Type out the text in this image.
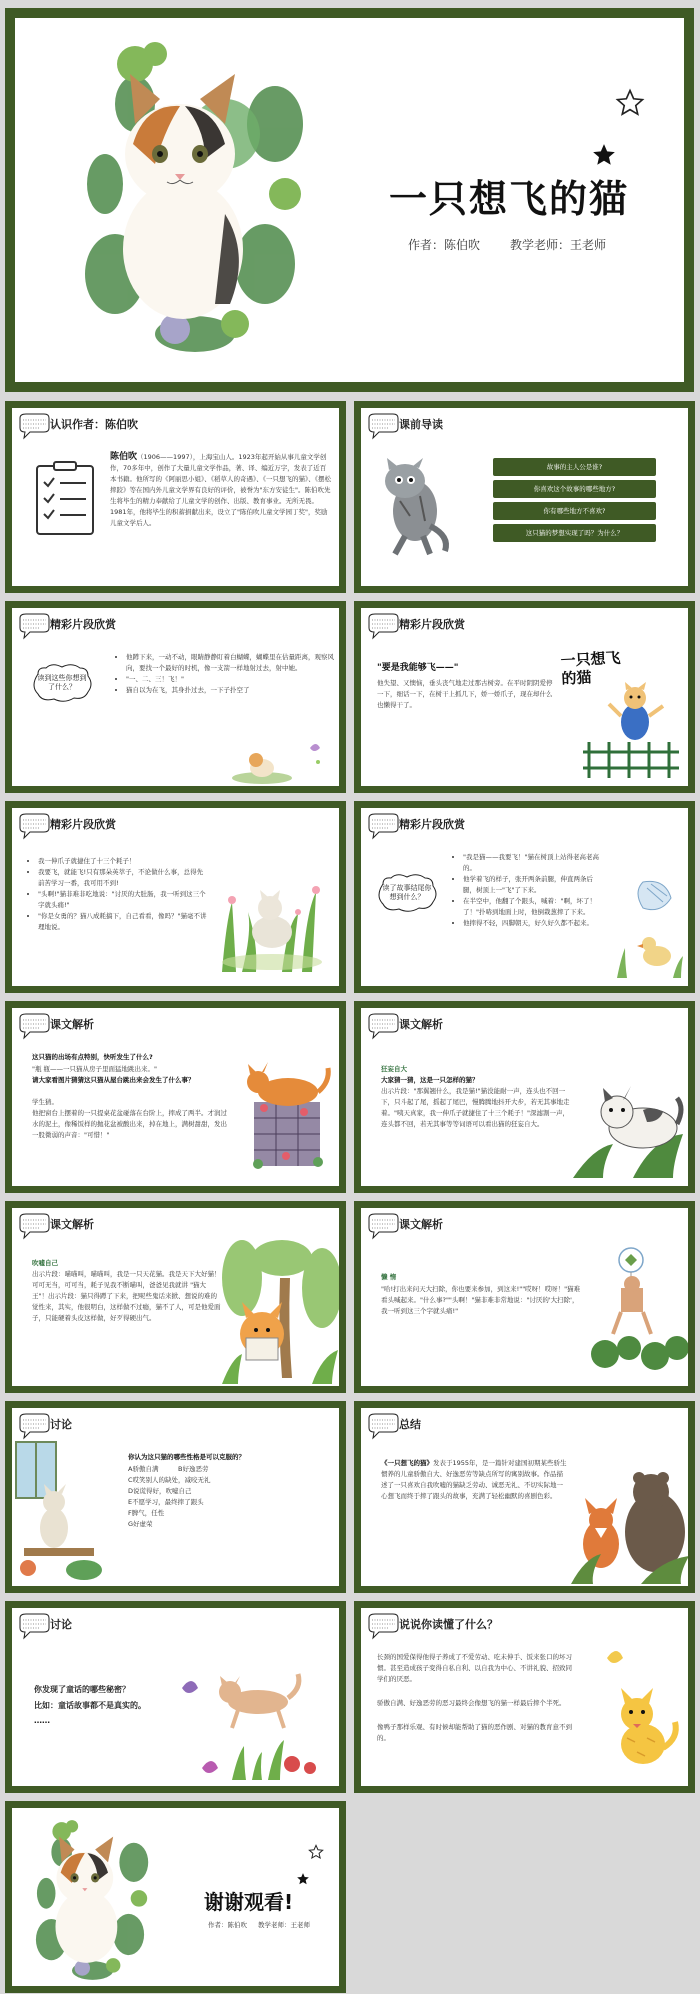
一只想飞的猫
作者：陈伯吹 教学老师：王老师
认识作者：陈伯吹
陈伯吹（1906——1997），上海宝山人。1923年起开始从事儿童文学创作，70多年中，创作了大量儿童文学作品，著、译、编近万字，发表了近百本书籍。他所写的《阿丽思小姐》、《稻草人的奇遇》、《一只想飞的猫》、《摆松摔跤》等在国内外儿童文学界有良好的评价，被誉为"东方安徒生"。陈伯吹先生将毕生的精力奉献给了儿童文学的创作、出版、教育事业。无所无畏。1981年，他将毕生的积蓄捐献出来，设立了"陈伯吹儿童文学园丁奖"，奖励儿童文学后人。
课前导读
故事的主人公是谁?
你喜欢这个故事的哪些地方?
你有哪些地方不喜欢?
这只猫的梦想实现了吗？为什么？
精彩片段欣赏
读到这些你想到了什么？
• 他蹲下来，一动不动，眼睛静静盯着白蝴蝶，蝴蝶里在估量距离，观察风向，要找一个最好的时机，像一支箭一样地射过去，射中她。
• "一、二、三！飞！"
• 猫自以为在飞，其身扑过去，一下子扑空了
精彩片段欣赏
"要是我能够飞——"
他失望、又懊恼，垂头丧气地走过那古树旁。在平时阴阴爱停一下，细话一下，在树干上抓几下，娇一娇爪子，现在却什么也懒得干了。
一只想飞的猫
精彩片段欣赏
• 我一伸爪子就捷住了十三个耗子！
• 我要飞，就能飞!只有那朵英萃子，不论做什么事，总得先前苦学习一番，我可用不到!
• "头啊!"猫非难非吃地说："讨厌的大肚肠，我一听到这三个字就头痛!"
• "你是女勇的？猫八成耗搞下，自己看看，像吗？"猫毫不讲理地说。
精彩片段欣赏
读了故事结尾你想到什么？
• "我是猫——我要飞！"猫在树顶上站得老高老高的。
• 他学着飞的样子，张开两条前腿，伸直两条后腿，树顶上一"飞"了下来。
• 在半空中，他翻了个跟头，喊着："啊，坏了！了！"扑哧到地面上时，他倒栽葱摔了下来。
• 他摔得不轻，四脚朝天，好久好久都不起来。
课文解析
这只猫的出场有点特别，快听发生了什么?
"瓶 瓶——一只猫从房子里面猛地跳出来。"
请大家看图片猜猜这只猫从屋台跳出来会发生了什么事？
学生猜。
他把窗台上摆着的一只提桌花盆碰落在台阶上，摔成了两半。才润过水的泥土，像稀饭样的抛花盆被酸出来，掉在地上，满树甜甜，发出一股微弱的声音："可惜！"
课文解析
狂妄自大
大家猜一猜，这是一只怎样的猫？
出示片段："那翼翘什么，我是猫!"猫没能耐一声，连头也不回一下，只斗起了尾，摇起了尾巴，慢腾腾地抖开大步，若无其事地走着。"咦天真家，我一伸爪子就捷住了十三个耗子！"深滤割一声，连头都不回，若无其事等等词语可以看出猫的狂妄自大。
课文解析
吹嘘自己
出示片段：喵喵叫，喵喵叫，我是一只天花猫。我是天下大好猫！可可无当，可可当，耗子见我不断喵叫，爸爸见我就讲 "猫大王"！出示片段：猫只得蹲了下来，把呢些鬼话来掀、想说的难的觉性来，其实，他很明白，这样做不过瘾，猫不了人，可是他爱面子，只能硬着头皮这样做，好歹得硬出气。
课文解析
懒 惰
"哈!打出来问天大扫除，你也要来参加，到这来!""哎呀！哎呀！"猫难看头喊起来。"什么事?""头啊！"猫非难非常地说："讨厌的'大扫除'，我一听到这三个字就头痛!"
讨论
你认为这只猫的哪些性格是可以克服的？
A骄傲自满	B好逸恶劳
C哎笑别人的缺处，减咬无礼
D说谎得好，吹嘘自己
E不愿学习，最终摔了跟头
F脾气，任性
G好虚荣
总结
《一只想飞的猫》发表于1955年，是一篇针对建国初期某些骄生惯养的儿童骄傲自大、好逸恶劳等缺点所写的寓别故事。作品描述了一只喜欢自我吹嘘的猫缺乏劳动、诚恶无礼、不切实际地一心想飞而终于摔了跟头的故事，充满了轻松幽默的喜剧色彩。
讨论
你发现了童话的哪些秘密？
比如：童话故事都不是真实的。
……
说说你读懂了什么？
长颈的国爱保得他得子养成了不爱劳动、吃未伸手、饭来张口的坏习惯。甚至造成孩子变得自私自利、以自我为中心、不讲礼貌、招致同学们的厌恶。
骄傲自满、好逸恶劳的恶习最终会像想飞的猫一样最后摔个半死。
像鸭子那样乐观、有时候却能帮助了猫的恶作剧、对猫的教育意不到的。
谢谢观看!
作者：陈伯吹 教学老师：王老师
